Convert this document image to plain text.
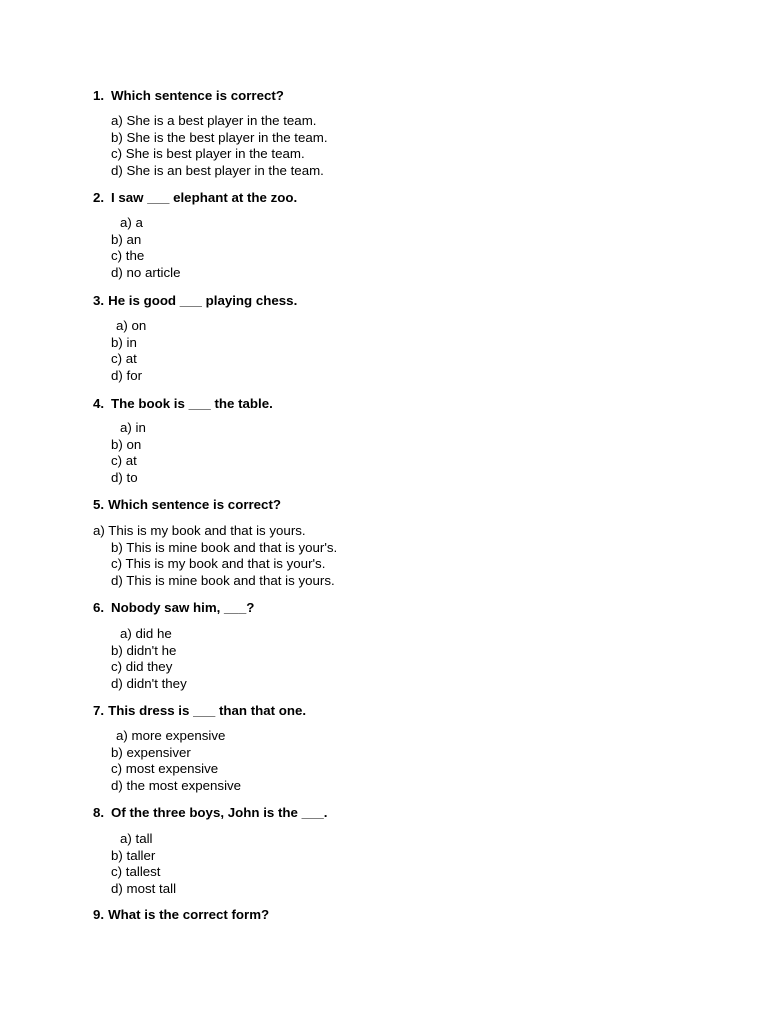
1. Which sentence is correct?
a) She is a best player in the team.
b) She is the best player in the team.
c) She is best player in the team.
d) She is an best player in the team.
2. I saw ___ elephant at the zoo.
a) a
b) an
c) the
d) no article
3. He is good ___ playing chess.
a) on
b) in
c) at
d) for
4. The book is ___ the table.
a) in
b) on
c) at
d) to
5. Which sentence is correct?
a) This is my book and that is yours.
b) This is mine book and that is your's.
c) This is my book and that is your's.
d) This is mine book and that is yours.
6. Nobody saw him, ___?
a) did he
b) didn't he
c) did they
d) didn't they
7. This dress is ___ than that one.
a) more expensive
b) expensiver
c) most expensive
d) the most expensive
8. Of the three boys, John is the ___.
a) tall
b) taller
c) tallest
d) most tall
9. What is the correct form?
